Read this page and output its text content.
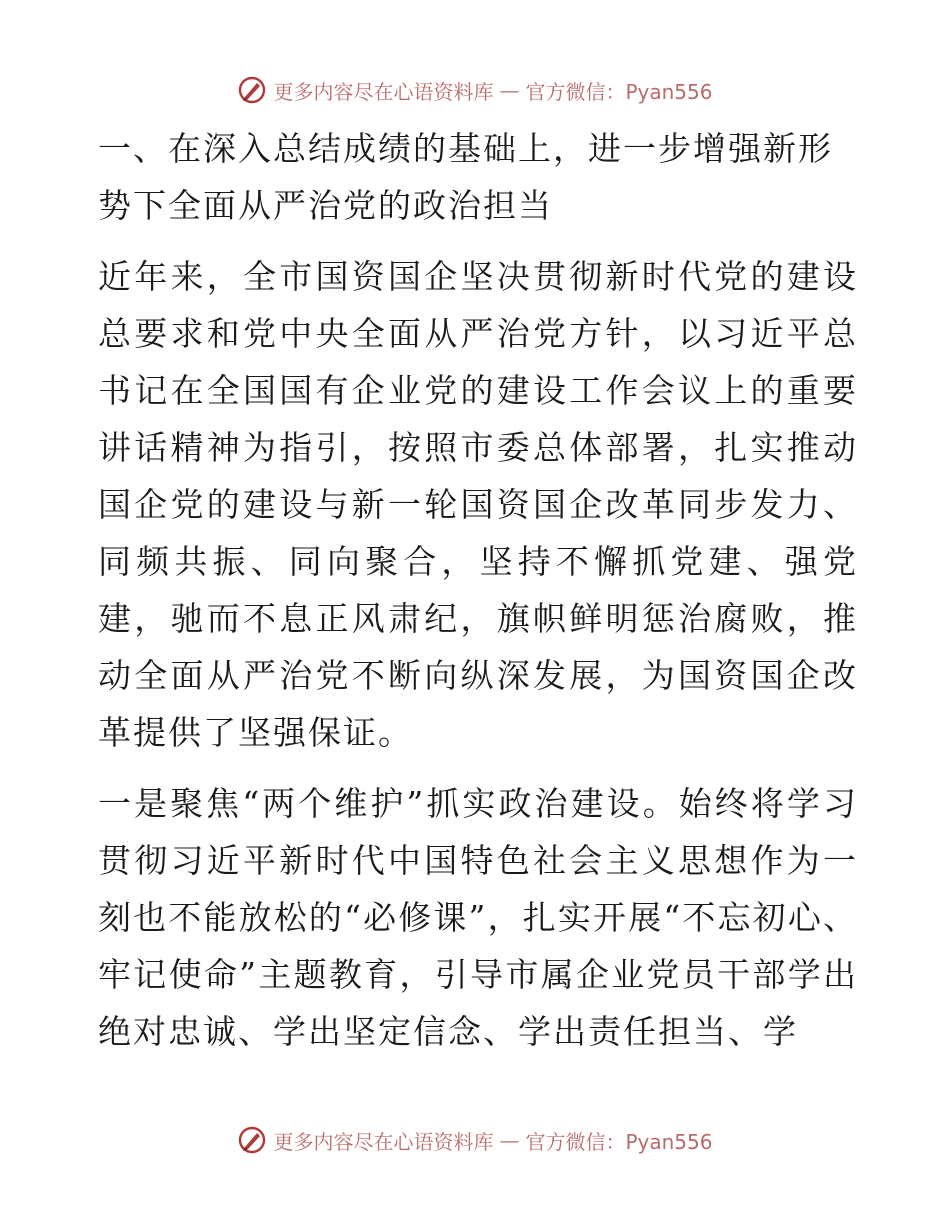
更多内容尽在心语资料库 — 官方微信：Pyan556

一、在深入总结成绩的基础上，进一步增强新形势下全面从严治党的政治担当

近年来，全市国资国企坚决贯彻新时代党的建设总要求和党中央全面从严治党方针，以习近平总书记在全国国有企业党的建设工作会议上的重要讲话精神为指引，按照市委总体部署，扎实推动国企党的建设与新一轮国资国企改革同步发力、同频共振、同向聚合，坚持不懈抓党建、强党建，驰而不息正风肃纪，旗帜鲜明惩治腐败，推动全面从严治党不断向纵深发展，为国资国企改革提供了坚强保证。

一是聚焦“两个维护”抓实政治建设。始终将学习贯彻习近平新时代中国特色社会主义思想作为一刻也不能放松的“必修课”，扎实开展“不忘初心、牢记使命”主题教育，引导市属企业党员干部学出绝对忠诚、学出坚定信念、学出责任担当、学

更多内容尽在心语资料库 — 官方微信：Pyan556
